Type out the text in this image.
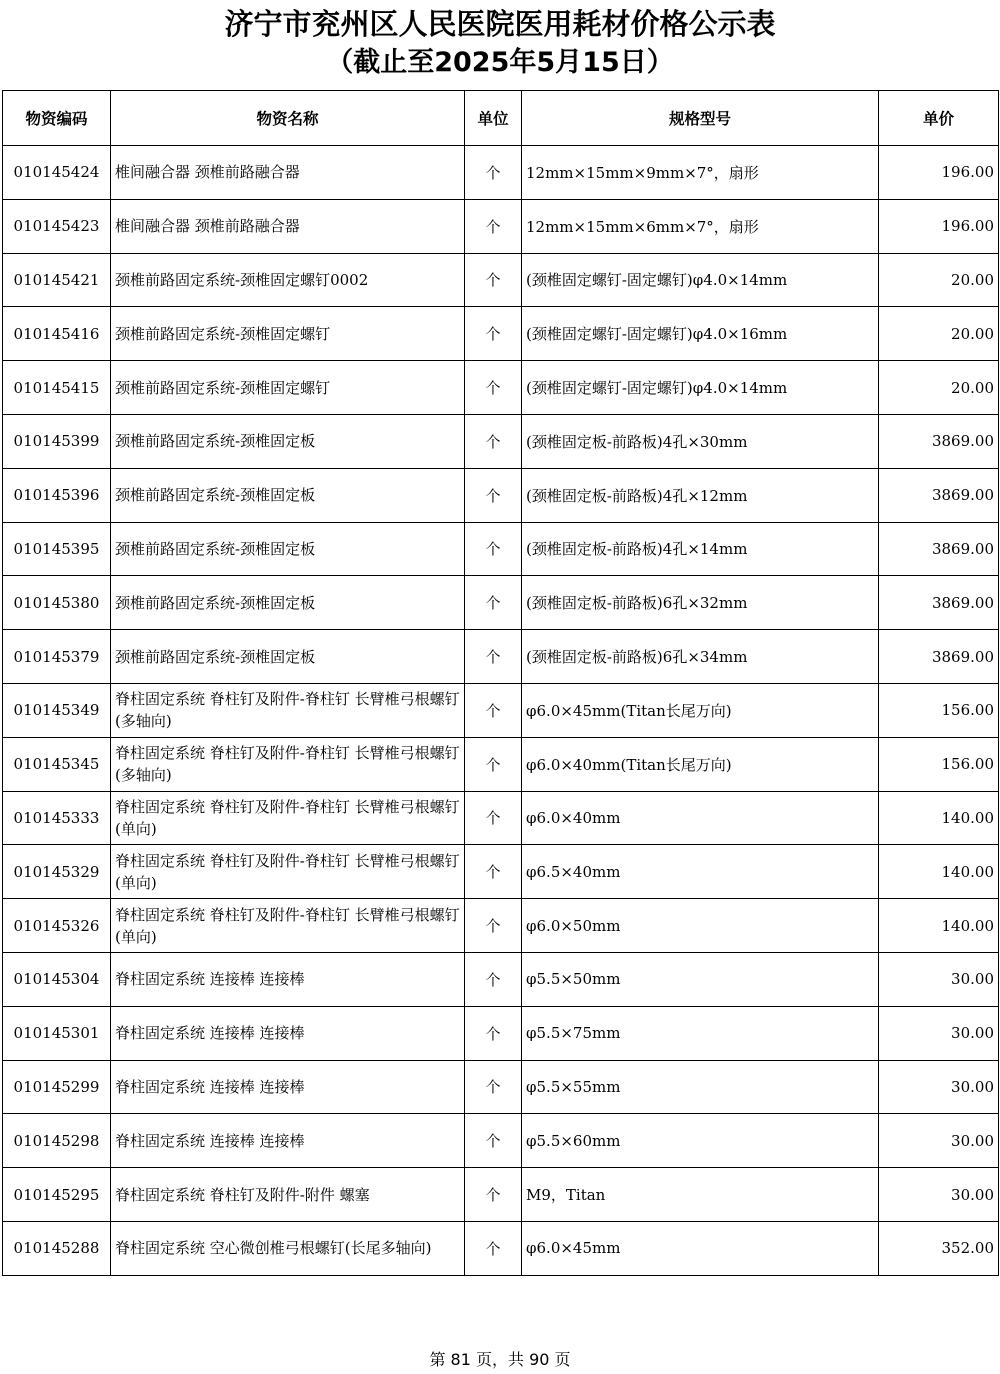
济宁市兖州区人民医院医用耗材价格公示表
（截止至2025年5月15日）
物资编码	物资名称	单位	规格型号	单价
010145424	椎间融合器 颈椎前路融合器	个	12mm×15mm×9mm×7°，扇形	196.00
010145423	椎间融合器 颈椎前路融合器	个	12mm×15mm×6mm×7°，扇形	196.00
010145421	颈椎前路固定系统-颈椎固定螺钉0002	个	(颈椎固定螺钉-固定螺钉)φ4.0×14mm	20.00
010145416	颈椎前路固定系统-颈椎固定螺钉	个	(颈椎固定螺钉-固定螺钉)φ4.0×16mm	20.00
010145415	颈椎前路固定系统-颈椎固定螺钉	个	(颈椎固定螺钉-固定螺钉)φ4.0×14mm	20.00
010145399	颈椎前路固定系统-颈椎固定板	个	(颈椎固定板-前路板)4孔×30mm	3869.00
010145396	颈椎前路固定系统-颈椎固定板	个	(颈椎固定板-前路板)4孔×12mm	3869.00
010145395	颈椎前路固定系统-颈椎固定板	个	(颈椎固定板-前路板)4孔×14mm	3869.00
010145380	颈椎前路固定系统-颈椎固定板	个	(颈椎固定板-前路板)6孔×32mm	3869.00
010145379	颈椎前路固定系统-颈椎固定板	个	(颈椎固定板-前路板)6孔×34mm	3869.00
010145349	脊柱固定系统 脊柱钉及附件-脊柱钉 长臂椎弓根螺钉(多轴向)	个	φ6.0×45mm(Titan长尾万向)	156.00
010145345	脊柱固定系统 脊柱钉及附件-脊柱钉 长臂椎弓根螺钉(多轴向)	个	φ6.0×40mm(Titan长尾万向)	156.00
010145333	脊柱固定系统 脊柱钉及附件-脊柱钉 长臂椎弓根螺钉(单向)	个	φ6.0×40mm	140.00
010145329	脊柱固定系统 脊柱钉及附件-脊柱钉 长臂椎弓根螺钉(单向)	个	φ6.5×40mm	140.00
010145326	脊柱固定系统 脊柱钉及附件-脊柱钉 长臂椎弓根螺钉(单向)	个	φ6.0×50mm	140.00
010145304	脊柱固定系统 连接棒 连接棒	个	φ5.5×50mm	30.00
010145301	脊柱固定系统 连接棒 连接棒	个	φ5.5×75mm	30.00
010145299	脊柱固定系统 连接棒 连接棒	个	φ5.5×55mm	30.00
010145298	脊柱固定系统 连接棒 连接棒	个	φ5.5×60mm	30.00
010145295	脊柱固定系统 脊柱钉及附件-附件 螺塞	个	M9，Titan	30.00
010145288	脊柱固定系统 空心微创椎弓根螺钉(长尾多轴向)	个	φ6.0×45mm	352.00
第 81 页，共 90 页
